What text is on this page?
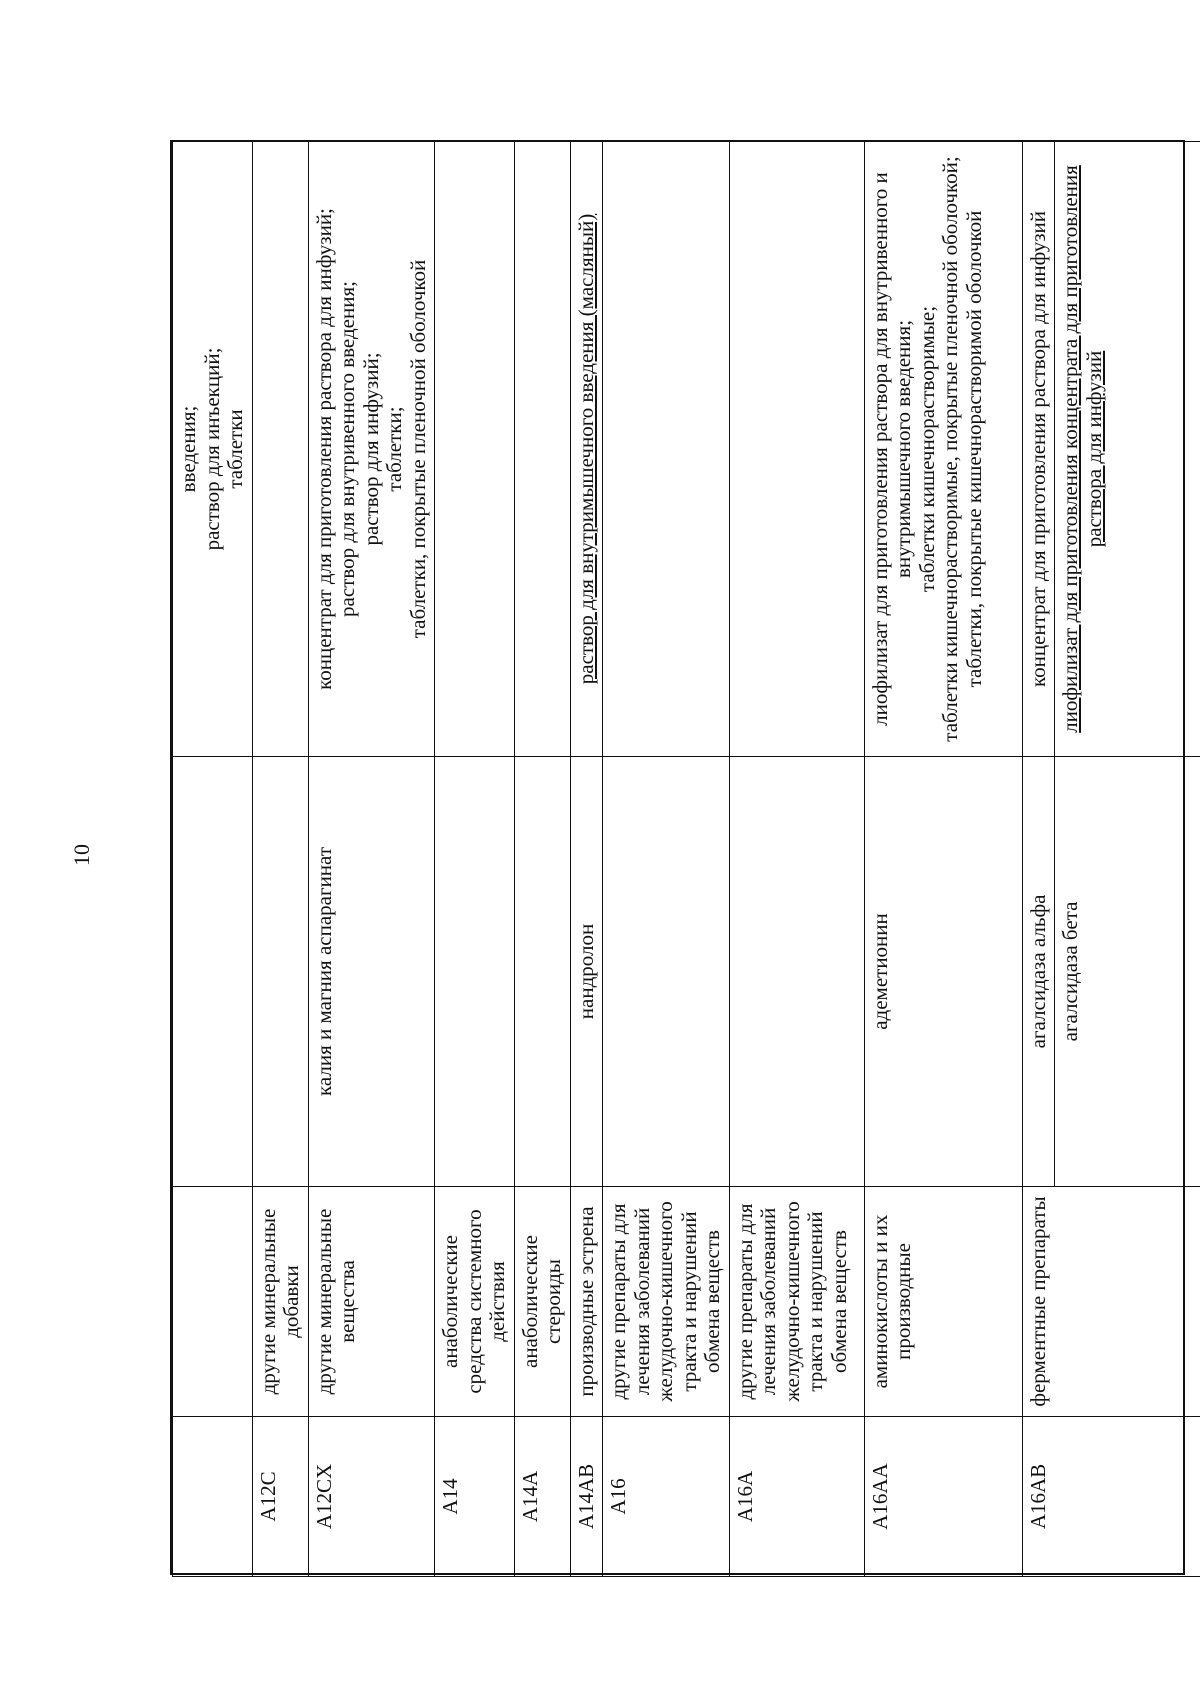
10

			введения; раствор для инъекций; таблетки

A12C	другие минеральные добавки		
A12CX	другие минеральные вещества	калия и магния аспарагинат	концентрат для приготовления раствора для инфузий; раствор для внутривенного введения; раствор для инфузий; таблетки; таблетки, покрытые пленочной оболочкой

A14	анаболические средства системного действия		
A14A	анаболические стероиды		
A14AB	производные эстрена	нандролон	раствор для внутримышечного введения (масляный)

A16	другие препараты для лечения заболеваний желудочно-кишечного тракта и нарушений обмена веществ		
A16A	другие препараты для лечения заболеваний желудочно-кишечного тракта и нарушений обмена веществ		
A16AA	аминокислоты и их производные	адеметионин	лиофилизат для приготовления раствора для внутривенного и внутримышечного введения; таблетки кишечнорастворимые; таблетки кишечнорастворимые, покрытые пленочной оболочкой; таблетки, покрытые кишечнорастворимой оболочкой

A16AB	ферментные препараты	агалсидаза альфа	концентрат для приготовления раствора для инфузий

		агалсидаза бета	лиофилизат для приготовления концентрата для приготовления раствора для инфузий
